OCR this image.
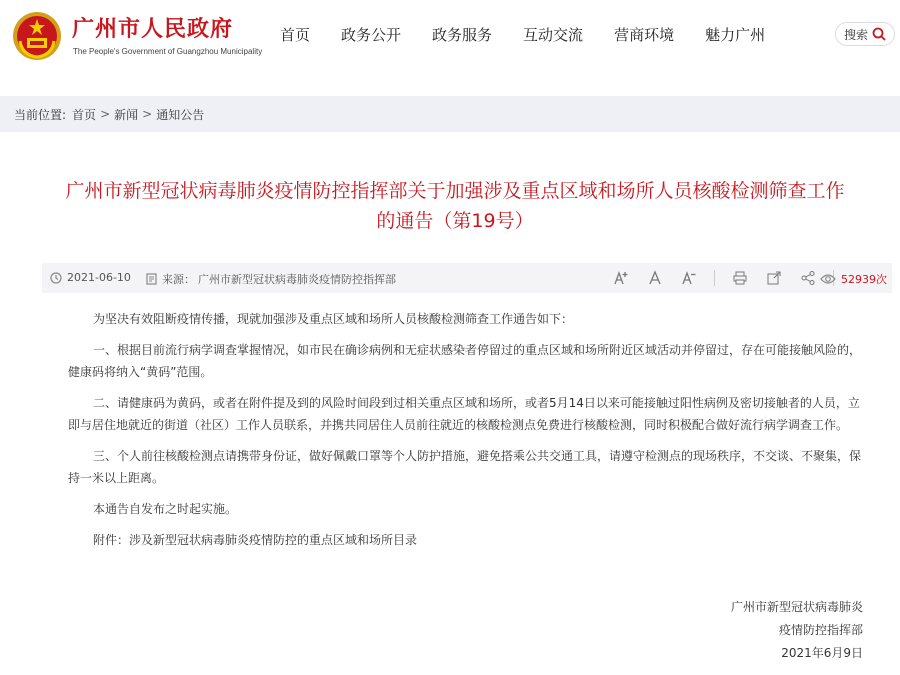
广州市人民政府
The People's Government of Guangzhou Municipality
首页 政务公开 政务服务 互动交流 营商环境 魅力广州	搜索
当前位置: 首页 > 新闻 > 通知公告
广州市新型冠状病毒肺炎疫情防控指挥部关于加强涉及重点区域和场所人员核酸检测筛查工作的通告（第19号）
2021-06-10	来源： 广州市新型冠状病毒肺炎疫情防控指挥部	52939次

为坚决有效阻断疫情传播，现就加强涉及重点区域和场所人员核酸检测筛查工作通告如下：

一、根据目前流行病学调查掌握情况，如市民在确诊病例和无症状感染者停留过的重点区域和场所附近区域活动并停留过，存在可能接触风险的，健康码将纳入“黄码”范围。

二、请健康码为黄码，或者在附件提及到的风险时间段到过相关重点区域和场所，或者5月14日以来可能接触过阳性病例及密切接触者的人员，立即与居住地就近的街道（社区）工作人员联系，并携共同居住人员前往就近的核酸检测点免费进行核酸检测，同时积极配合做好流行病学调查工作。

三、个人前往核酸检测点请携带身份证，做好佩戴口罩等个人防护措施，避免搭乘公共交通工具，请遵守检测点的现场秩序，不交谈、不聚集，保持一米以上距离。

本通告自发布之时起实施。

附件：涉及新型冠状病毒肺炎疫情防控的重点区域和场所目录

广州市新型冠状病毒肺炎
疫情防控指挥部
2021年6月9日
